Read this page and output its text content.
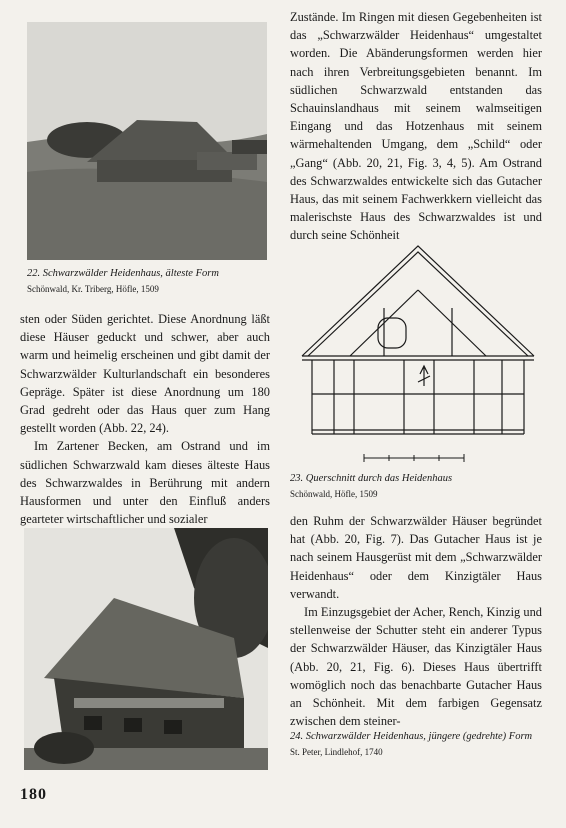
22. Schwarzwälder Heidenhaus, älteste Form
Schönwald, Kr. Triberg, Höfle, 1509

Zustände. Im Ringen mit diesen Gegebenheiten ist das „Schwarzwälder Heidenhaus“ umgestaltet worden. Die Abänderungsformen werden hier nach ihren Verbreitungsgebieten benannt. Im südlichen Schwarzwald entstanden das Schauinslandhaus mit seinem walmseitigen Eingang und das Hotzenhaus mit seinem wärmehaltenden Umgang, dem „Schild“ oder „Gang“ (Abb. 20, 21, Fig. 3, 4, 5). Am Ostrand des Schwarzwaldes entwickelte sich das Gutacher Haus, das mit seinem Fachwerkkern vielleicht das malerischste Haus des Schwarzwaldes ist und durch seine Schönheit

23. Querschnitt durch das Heidenhaus
Schönwald, Höfle, 1509

sten oder Süden gerichtet. Diese Anordnung läßt diese Häuser geduckt und schwer, aber auch warm und heimelig erscheinen und gibt damit der Schwarzwälder Kulturlandschaft ein besonderes Gepräge. Später ist diese Anordnung um 180 Grad gedreht oder das Haus quer zum Hang gestellt worden (Abb. 22, 24).

Im Zartener Becken, am Ostrand und im südlichen Schwarzwald kam dieses älteste Haus des Schwarzwaldes in Berührung mit andern Hausformen und unter den Einfluß anders gearteter wirtschaftlicher und sozialer	den Ruhm der Schwarzwälder Häuser begründet hat (Abb. 20, Fig. 7). Das Gutacher Haus ist je nach seinem Hausgerüst mit dem „Schwarzwälder Heidenhaus“ oder dem Kinzigtäler Haus verwandt.

Im Einzugsgebiet der Acher, Rench, Kinzig und stellenweise der Schutter steht ein anderer Typus der Schwarzwälder Häuser, das Kinzigtäler Haus (Abb. 20, 21, Fig. 6). Dieses Haus übertrifft womöglich noch das benachbarte Gutacher Haus an Schönheit. Mit dem farbigen Gegensatz zwischen dem steiner-

24. Schwarzwälder Heidenhaus, jüngere (gedrehte) Form
St. Peter, Lindlehof, 1740
180
